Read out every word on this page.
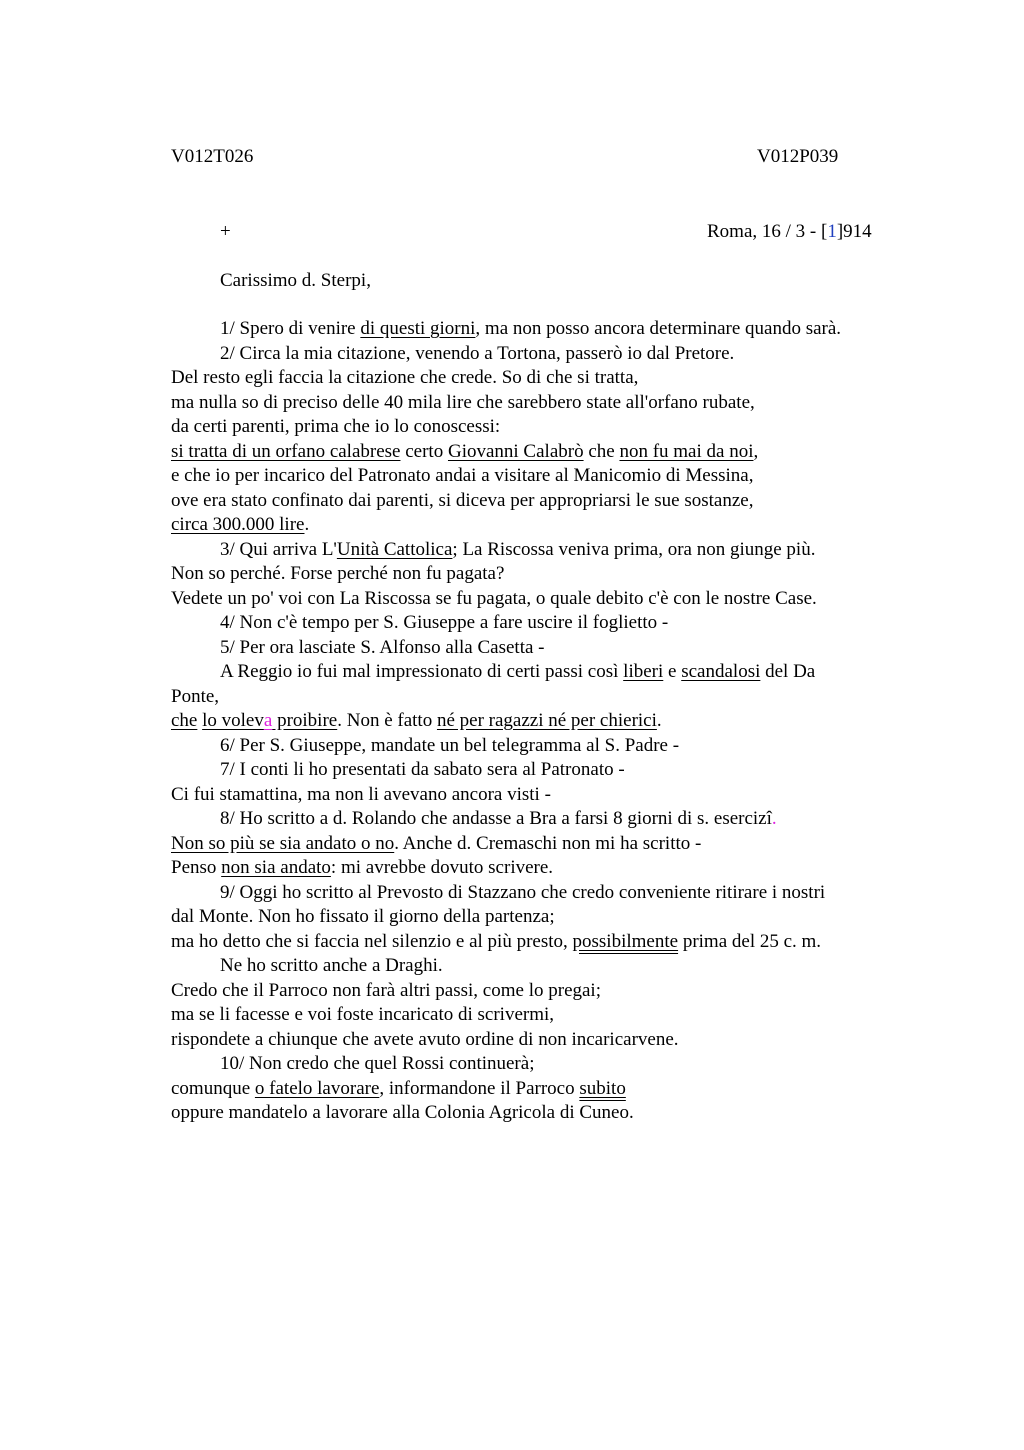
V012T026	V012P039
+	Roma, 16 / 3 - [1]914
Carissimo d. Sterpi,
1/ Spero di venire di questi giorni, ma non posso ancora determinare quando sarà.
2/ Circa la mia citazione, venendo a Tortona, passerò io dal Pretore.
Del resto egli faccia la citazione che crede. So di che si tratta,
ma nulla so di preciso delle 40 mila lire che sarebbero state all'orfano rubate,
da certi parenti, prima che io lo conoscessi:
si tratta di un orfano calabrese certo Giovanni Calabrò che non fu mai da noi,
e che io per incarico del Patronato andai a visitare al Manicomio di Messina,
ove era stato confinato dai parenti, si diceva per appropriarsi le sue sostanze,
circa 300.000 lire.
3/ Qui arriva L'Unità Cattolica; La Riscossa veniva prima, ora non giunge più.
Non so perché. Forse perché non fu pagata?
Vedete un po' voi con La Riscossa se fu pagata, o quale debito c'è con le nostre Case.
4/ Non c'è tempo per S. Giuseppe a fare uscire il foglietto -
5/ Per ora lasciate S. Alfonso alla Casetta -
A Reggio io fui mal impressionato di certi passi così liberi e scandalosi del Da
Ponte,
che lo voleva proibire. Non è fatto né per ragazzi né per chierici.
6/ Per S. Giuseppe, mandate un bel telegramma al S. Padre -
7/ I conti li ho presentati da sabato sera al Patronato -
Ci fui stamattina, ma non li avevano ancora visti -
8/ Ho scritto a d. Rolando che andasse a Bra a farsi 8 giorni di s. esercizî.
Non so più se sia andato o no. Anche d. Cremaschi non mi ha scritto -
Penso non sia andato: mi avrebbe dovuto scrivere.
9/ Oggi ho scritto al Prevosto di Stazzano che credo conveniente ritirare i nostri
dal Monte. Non ho fissato il giorno della partenza;
ma ho detto che si faccia nel silenzio e al più presto, possibilmente prima del 25 c. m.
Ne ho scritto anche a Draghi.
Credo che il Parroco non farà altri passi, come lo pregai;
ma se li facesse e voi foste incaricato di scrivermi,
rispondete a chiunque che avete avuto ordine di non incaricarvene.
10/ Non credo che quel Rossi continuerà;
comunque o fatelo lavorare, informandone il Parroco subito
oppure mandatelo a lavorare alla Colonia Agricola di Cuneo.
